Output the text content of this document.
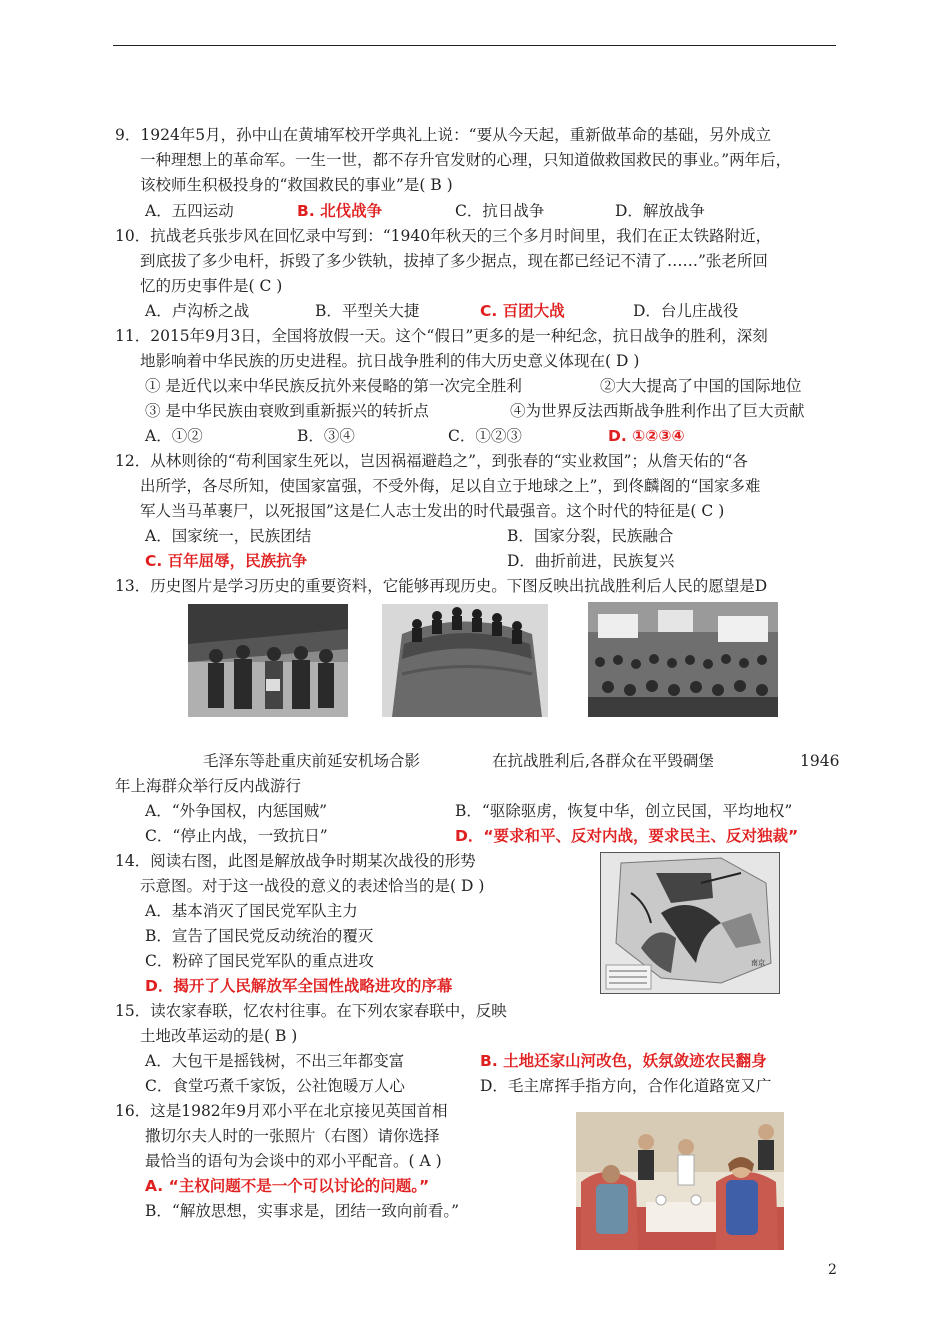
9．1924年5月，孙中山在黄埔军校开学典礼上说：“要从今天起，重新做革命的基础，另外成立
一种理想上的革命军。一生一世，都不存升官发财的心理，只知道做救国救民的事业。”两年后，
该校师生积极投身的“救国救民的事业”是( B )
A．五四运动	B. 北伐战争	C．抗日战争	D．解放战争
10．抗战老兵张步风在回忆录中写到：“1940年秋天的三个多月时间里，我们在正太铁路附近，
到底拔了多少电杆，拆毁了多少铁轨，拔掉了多少据点，现在都已经记不清了……”张老所回
忆的历史事件是( C )
A．卢沟桥之战	B．平型关大捷	C. 百团大战	D．台儿庄战役
11．2015年9月3日，全国将放假一天。这个“假日”更多的是一种纪念，抗日战争的胜利，深刻
地影响着中华民族的历史进程。抗日战争胜利的伟大历史意义体现在( D )
① 是近代以来中华民族反抗外来侵略的第一次完全胜利	②大大提高了中国的国际地位
③ 是中华民族由衰败到重新振兴的转折点	④为世界反法西斯战争胜利作出了巨大贡献
A．①②	B．③④	C．①②③	D. ①②③④
12．从林则徐的“苟利国家生死以，岂因祸福避趋之”，到张春的“实业救国”；从詹天佑的“各
出所学，各尽所知，使国家富强，不受外侮，足以自立于地球之上”，到佟麟阁的“国家多难
军人当马革裹尸，以死报国”这是仁人志士发出的时代最强音。这个时代的特征是( C )
A．国家统一，民族团结	B．国家分裂，民族融合
C. 百年屈辱，民族抗争	D．曲折前进，民族复兴
13．历史图片是学习历史的重要资料，它能够再现历史。下图反映出抗战胜利后人民的愿望是D
毛泽东等赴重庆前延安机场合影	在抗战胜利后,各群众在平毁碉堡	1946
年上海群众举行反内战游行
A．“外争国权，内惩国贼”	B．“驱除驱虏，恢复中华，创立民国，平均地权”
C．“停止内战，一致抗日”	D．“要求和平、反对内战，要求民主、反对独裁”
14．阅读右图，此图是解放战争时期某次战役的形势
示意图。对于这一战役的意义的表述恰当的是( D )
A．基本消灭了国民党军队主力
B．宣告了国民党反动统治的覆灭
C．粉碎了国民党军队的重点进攻
D．揭开了人民解放军全国性战略进攻的序幕
南京
15．读农家春联，忆农村往事。在下列农家春联中，反映
土地改革运动的是( B )
A．大包干是摇钱树，不出三年都变富	B. 土地还家山河改色，妖氛敛迹农民翻身
C．食堂巧煮千家饭，公社饱暖万人心	D．毛主席挥手指方向，合作化道路宽又广
16．这是1982年9月邓小平在北京接见英国首相
撒切尔夫人时的一张照片（右图）请你选择
最恰当的语句为会谈中的邓小平配音。( A )
A. “主权问题不是一个可以讨论的问题。”
B．“解放思想，实事求是，团结一致向前看。”
2
